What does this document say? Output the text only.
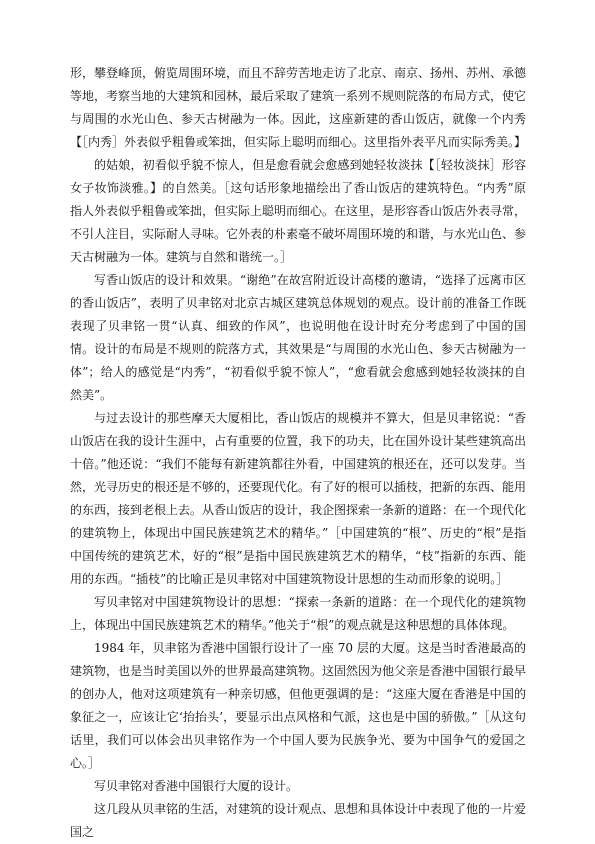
形，攀登峰顶，俯览周围环境，而且不辞劳苦地走访了北京、南京、扬州、苏州、承德等地，考察当地的大建筑和园林，最后采取了建筑一系列不规则院落的布局方式，使它与周围的水光山色、参天古树融为一体。因此，这座新建的香山饭店，就像一个内秀【［内秀］外表似乎粗鲁或笨拙，但实际上聪明而细心。这里指外表平凡而实际秀美。】

的姑娘，初看似乎貌不惊人，但是愈看就会愈感到她轻妆淡抹【［轻妆淡抹］形容女子妆饰淡雅。】的自然美。［这句话形象地描绘出了香山饭店的建筑特色。“内秀”原指人外表似乎粗鲁或笨拙，但实际上聪明而细心。在这里，是形容香山饭店外表寻常，不引人注目，实际耐人寻味。它外表的朴素毫不破坏周围环境的和谐，与水光山色、参天古树融为一体。建筑与自然和谐统一。］

写香山饭店的设计和效果。“谢绝”在故宫附近设计高楼的邀请，“选择了远离市区的香山饭店”，表明了贝聿铭对北京古城区建筑总体规划的观点。设计前的准备工作既表现了贝聿铭一贯“认真、细致的作风”，也说明他在设计时充分考虑到了中国的国情。设计的布局是不规则的院落方式，其效果是“与周围的水光山色、参天古树融为一体”；给人的感觉是“内秀”，“初看似乎貌不惊人”，“愈看就会愈感到她轻妆淡抹的自然美”。

与过去设计的那些摩天大厦相比，香山饭店的规模并不算大，但是贝聿铭说：“香山饭店在我的设计生涯中，占有重要的位置，我下的功夫，比在国外设计某些建筑高出十倍。”他还说：“我们不能每有新建筑都往外看，中国建筑的根还在，还可以发芽。当然，光寻历史的根还是不够的，还要现代化。有了好的根可以插枝，把新的东西、能用的东西，接到老根上去。从香山饭店的设计，我企图探索一条新的道路：在一个现代化的建筑物上，体现出中国民族建筑艺术的精华。”［中国建筑的“根”、历史的“根”是指中国传统的建筑艺术，好的“根”是指中国民族建筑艺术的精华，“枝”指新的东西、能用的东西。“插枝”的比喻正是贝聿铭对中国建筑物设计思想的生动而形象的说明。］

写贝聿铭对中国建筑物设计的思想：“探索一条新的道路：在一个现代化的建筑物上，体现出中国民族建筑艺术的精华。”他关于“根”的观点就是这种思想的具体体现。

1984 年，贝聿铭为香港中国银行设计了一座 70 层的大厦。这是当时香港最高的建筑物，也是当时美国以外的世界最高建筑物。这固然因为他父亲是香港中国银行最早的创办人，他对这项建筑有一种亲切感，但他更强调的是：“这座大厦在香港是中国的象征之一，应该让它‘抬抬头’，要显示出点风格和气派，这也是中国的骄傲。”［从这句话里，我们可以体会出贝聿铭作为一个中国人要为民族争光、要为中国争气的爱国之心。］

写贝聿铭对香港中国银行大厦的设计。

这几段从贝聿铭的生活，对建筑的设计观点、思想和具体设计中表现了他的一片爱国之
